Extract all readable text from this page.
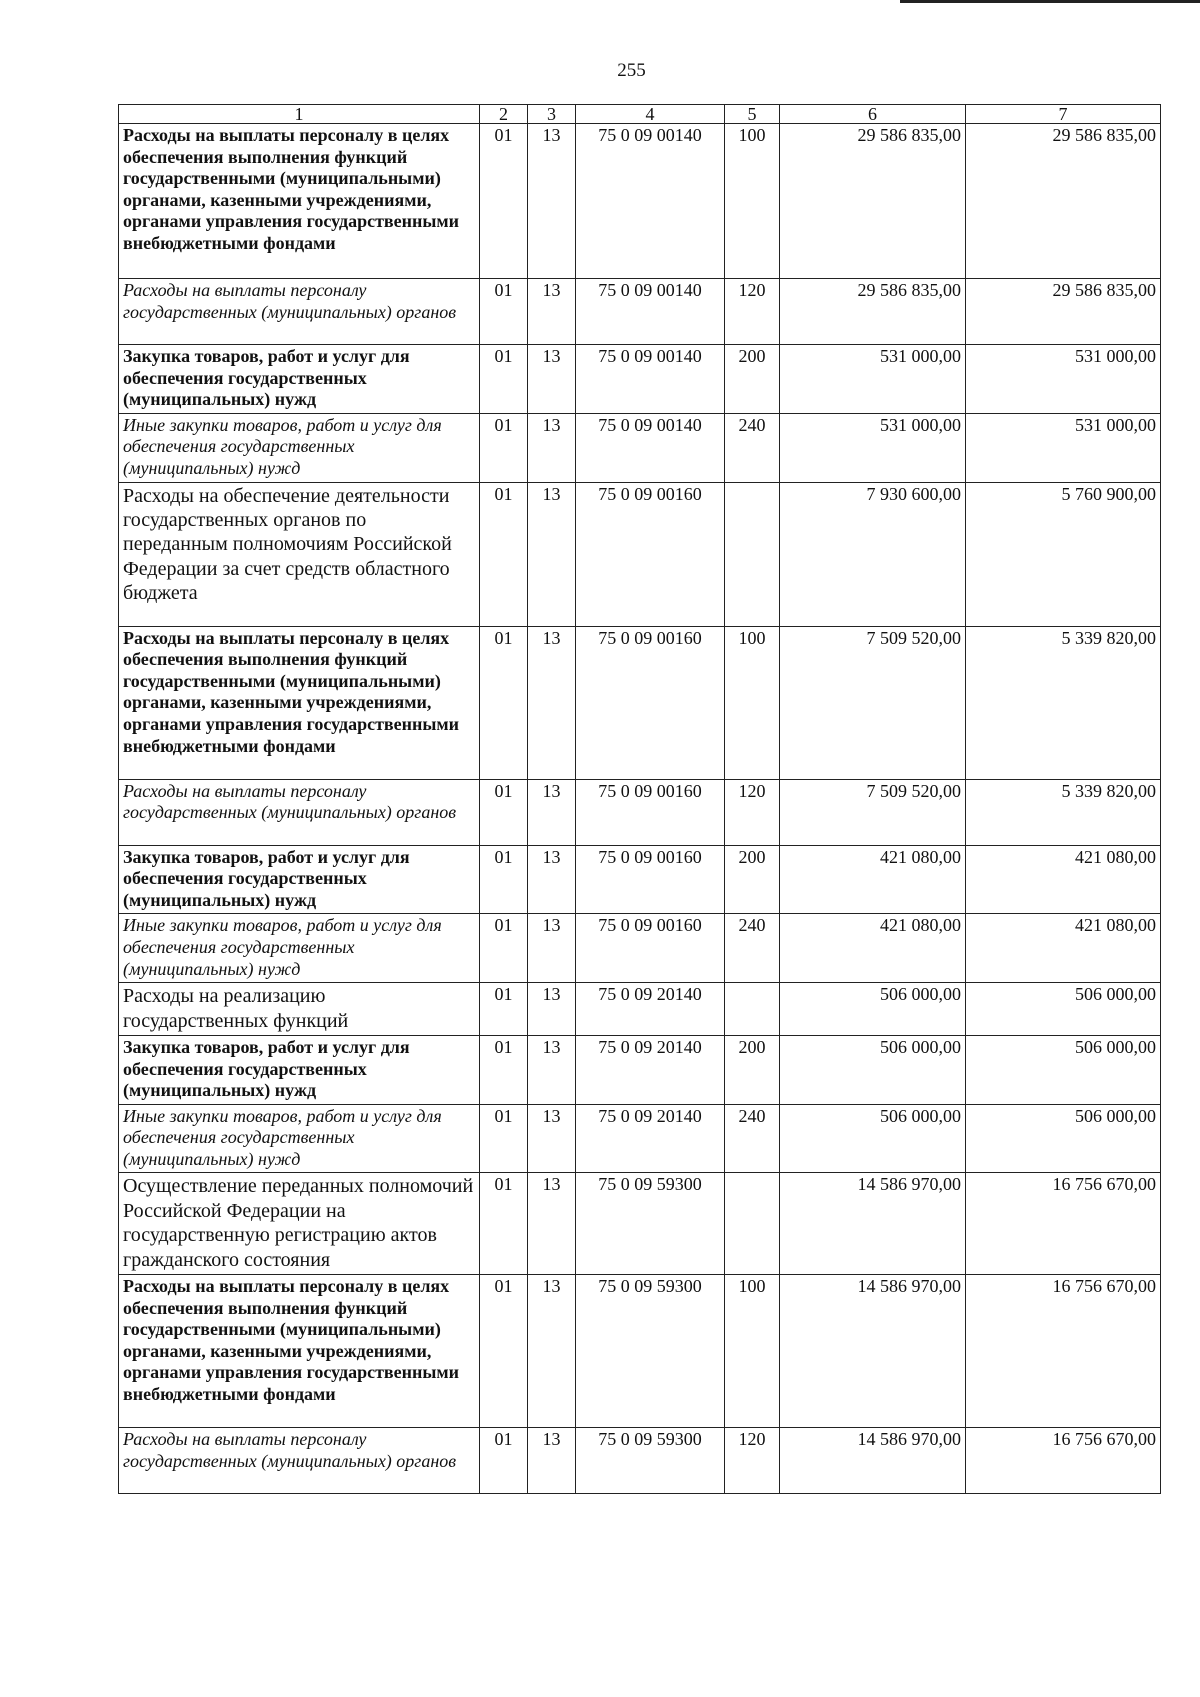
255
1	2	3	4	5	6	7
Расходы на выплаты персоналу в целях обеспечения выполнения функций государственными (муниципальными) органами, казенными учреждениями, органами управления государственными внебюджетными фондами	01	13	75 0 09 00140	100	29 586 835,00	29 586 835,00
Расходы на выплаты персоналу государственных (муниципальных) органов	01	13	75 0 09 00140	120	29 586 835,00	29 586 835,00
Закупка товаров, работ и услуг для обеспечения государственных (муниципальных) нужд	01	13	75 0 09 00140	200	531 000,00	531 000,00
Иные закупки товаров, работ и услуг для обеспечения государственных (муниципальных) нужд	01	13	75 0 09 00140	240	531 000,00	531 000,00
Расходы на обеспечение деятельности государственных органов по переданным полномочиям Российской Федерации за счет средств областного бюджета	01	13	75 0 09 00160		7 930 600,00	5 760 900,00
Расходы на выплаты персоналу в целях обеспечения выполнения функций государственными (муниципальными) органами, казенными учреждениями, органами управления государственными внебюджетными фондами	01	13	75 0 09 00160	100	7 509 520,00	5 339 820,00
Расходы на выплаты персоналу государственных (муниципальных) органов	01	13	75 0 09 00160	120	7 509 520,00	5 339 820,00
Закупка товаров, работ и услуг для обеспечения государственных (муниципальных) нужд	01	13	75 0 09 00160	200	421 080,00	421 080,00
Иные закупки товаров, работ и услуг для обеспечения государственных (муниципальных) нужд	01	13	75 0 09 00160	240	421 080,00	421 080,00
Расходы на реализацию государственных функций	01	13	75 0 09 20140		506 000,00	506 000,00
Закупка товаров, работ и услуг для обеспечения государственных (муниципальных) нужд	01	13	75 0 09 20140	200	506 000,00	506 000,00
Иные закупки товаров, работ и услуг для обеспечения государственных (муниципальных) нужд	01	13	75 0 09 20140	240	506 000,00	506 000,00
Осуществление переданных полномочий Российской Федерации на государственную регистрацию актов гражданского состояния	01	13	75 0 09 59300		14 586 970,00	16 756 670,00
Расходы на выплаты персоналу в целях обеспечения выполнения функций государственными (муниципальными) органами, казенными учреждениями, органами управления государственными внебюджетными фондами	01	13	75 0 09 59300	100	14 586 970,00	16 756 670,00
Расходы на выплаты персоналу государственных (муниципальных) органов	01	13	75 0 09 59300	120	14 586 970,00	16 756 670,00
